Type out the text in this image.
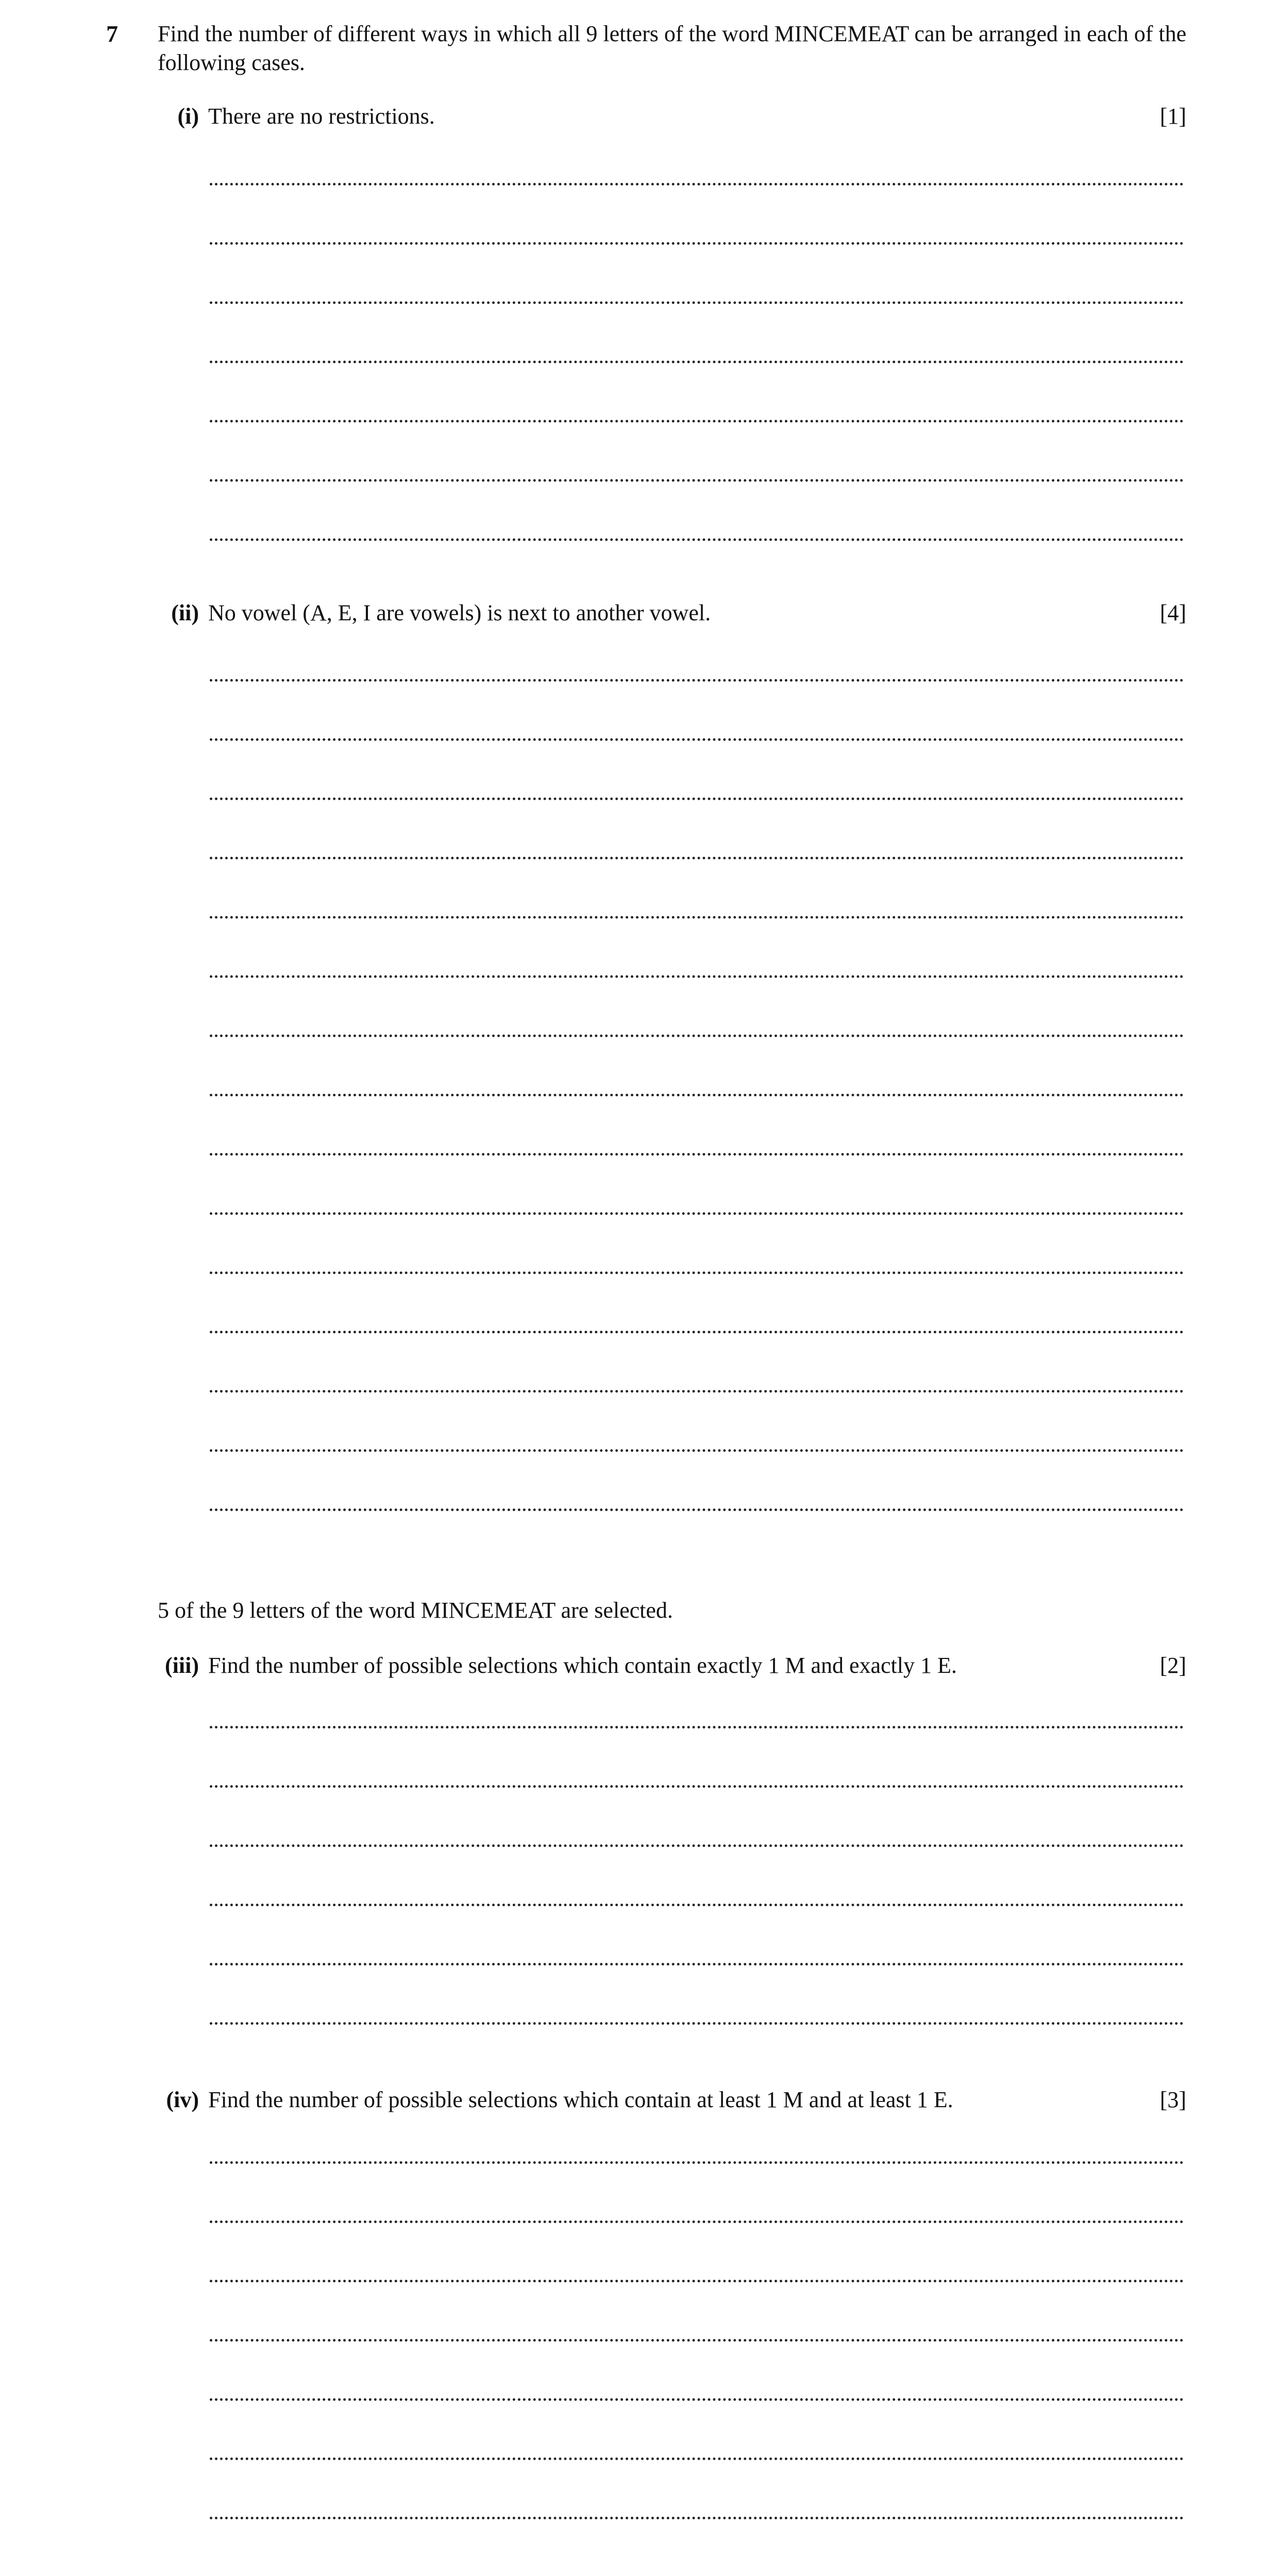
7 Find the number of different ways in which all 9 letters of the word MINCEMEAT can be arranged in each of the following cases.
(i) There are no restrictions.	[1]
(ii) No vowel (A, E, I are vowels) is next to another vowel.	[4]
5 of the 9 letters of the word MINCEMEAT are selected.
(iii) Find the number of possible selections which contain exactly 1 M and exactly 1 E.	[2]
(iv) Find the number of possible selections which contain at least 1 M and at least 1 E.	[3]
